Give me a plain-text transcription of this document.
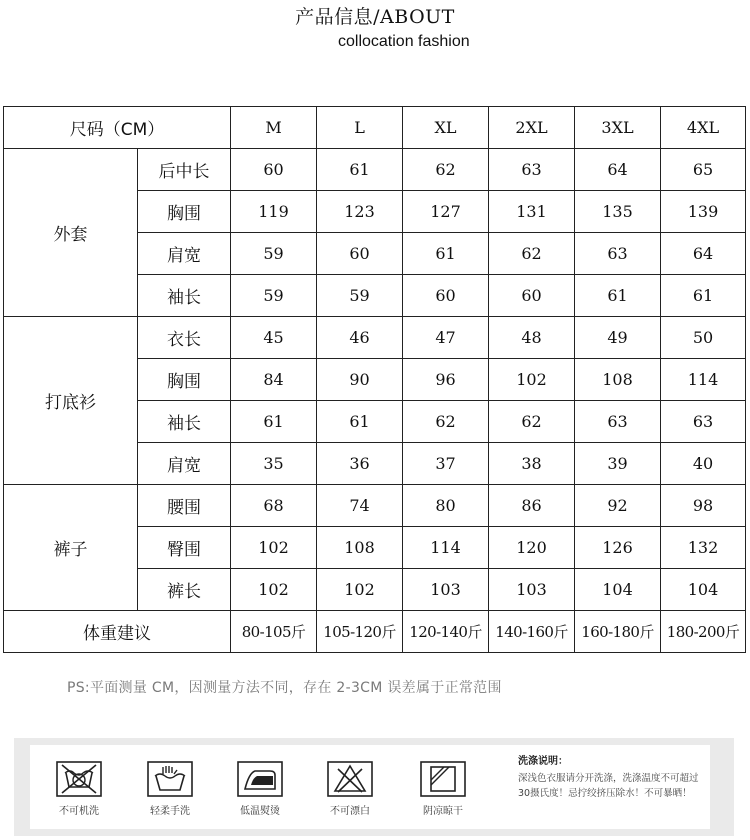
产品信息/ABOUT
collocation fashion
尺码（CM）		M	L	XL	2XL	3XL	4XL
外套	后中长	60	61	62	63	64	65
	胸围	119	123	127	131	135	139
	肩宽	59	60	61	62	63	64
	袖长	59	59	60	60	61	61
打底衫	衣长	45	46	47	48	49	50
	胸围	84	90	96	102	108	114
	袖长	61	61	62	62	63	63
	肩宽	35	36	37	38	39	40
裤子	腰围	68	74	80	86	92	98
	臀围	102	108	114	120	126	132
	裤长	102	102	103	103	104	104
体重建议		80-105斤	105-120斤	120-140斤	140-160斤	160-180斤	180-200斤
PS:平面测量 CM，因测量方法不同，存在 2-3CM 误差属于正常范围
不可机洗	轻柔手洗	低温熨烫	不可漂白	阴凉晾干
洗涤说明：
深浅色衣服请分开洗涤，洗涤温度不可超过30摄氏度！忌拧绞挤压除水！不可暴晒！
